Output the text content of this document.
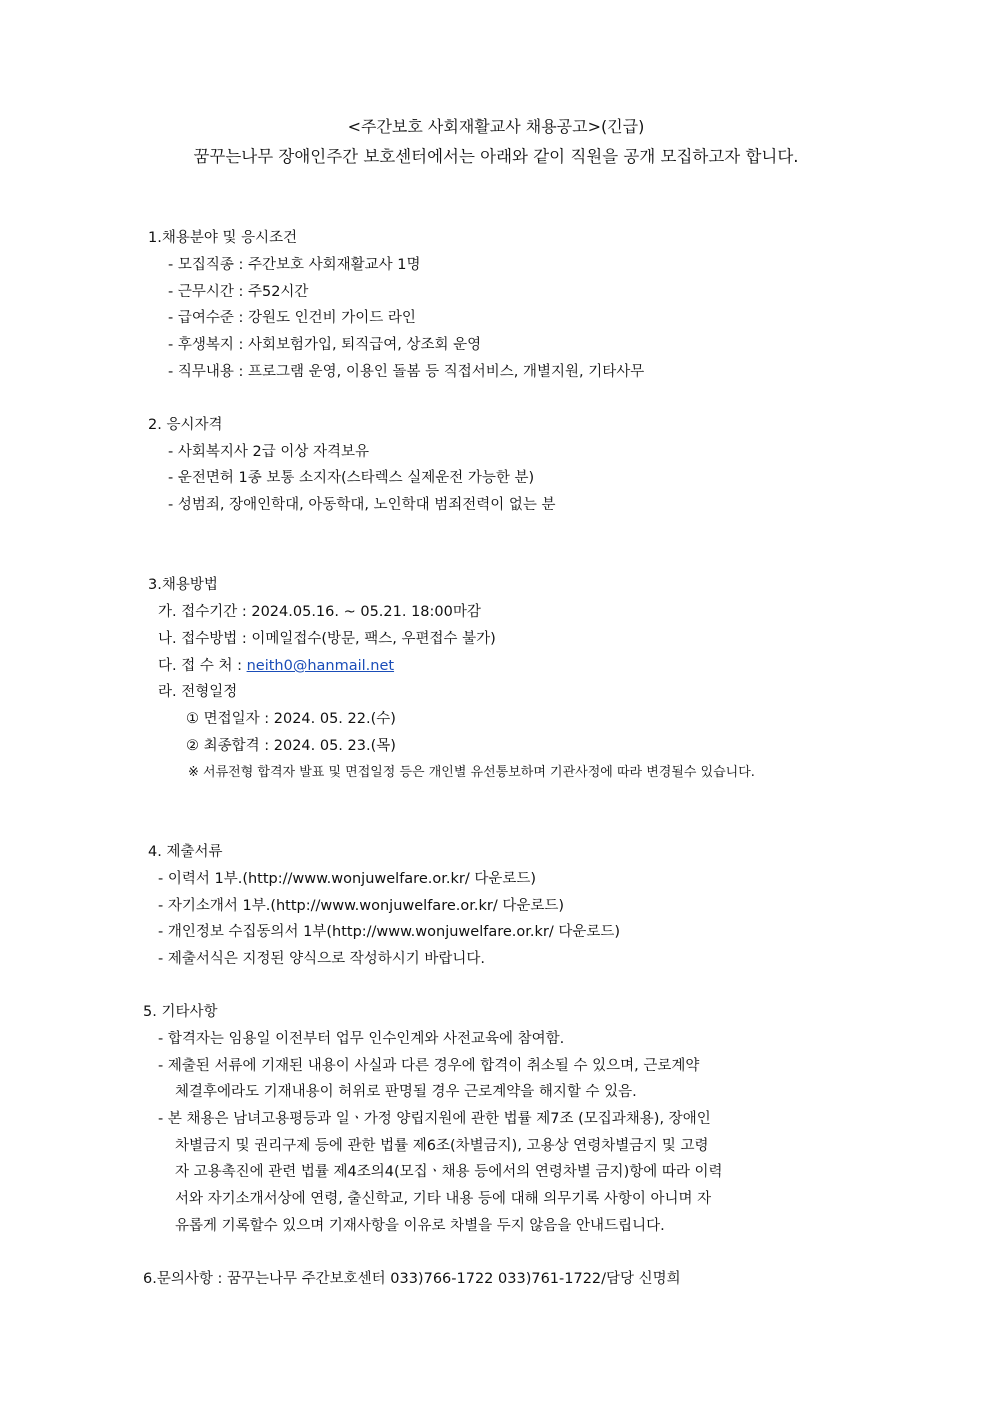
<주간보호 사회재활교사 채용공고>(긴급)
꿈꾸는나무 장애인주간 보호센터에서는 아래와 같이 직원을 공개 모집하고자 합니다.
1.채용분야 및 응시조건
- 모집직종 : 주간보호 사회재활교사 1명
- 근무시간 : 주52시간
- 급여수준 : 강원도 인건비 가이드 라인
- 후생복지 : 사회보험가입, 퇴직급여, 상조회 운영
- 직무내용 : 프로그램 운영, 이용인 돌봄 등 직접서비스, 개별지원, 기타사무
2. 응시자격
- 사회복지사 2급 이상 자격보유
- 운전면허 1종 보통 소지자(스타렉스 실제운전 가능한 분)
- 성범죄, 장애인학대, 아동학대, 노인학대 범죄전력이 없는 분
3.채용방법
가. 접수기간 : 2024.05.16. ~ 05.21. 18:00마감
나. 접수방법 : 이메일접수(방문, 팩스, 우편접수 불가)
다. 접 수 처 : neith0@hanmail.net
라. 전형일정
① 면접일자 : 2024. 05. 22.(수)
② 최종합격 : 2024. 05. 23.(목)
※ 서류전형 합격자 발표 및 면접일정 등은 개인별 유선통보하며 기관사정에 따라 변경될수 있습니다.
4. 제출서류
- 이력서 1부.(http://www.wonjuwelfare.or.kr/ 다운로드)
- 자기소개서 1부.(http://www.wonjuwelfare.or.kr/ 다운로드)
- 개인정보 수집동의서 1부(http://www.wonjuwelfare.or.kr/ 다운로드)
- 제출서식은 지정된 양식으로 작성하시기 바랍니다.
5. 기타사항
- 합격자는 임용일 이전부터 업무 인수인계와 사전교육에 참여함.
- 제출된 서류에 기재된 내용이 사실과 다른 경우에 합격이 취소될 수 있으며, 근로계약
체결후에라도 기재내용이 허위로 판명될 경우 근로계약을 해지할 수 있음.
- 본 채용은 남녀고용평등과 일ㆍ가정 양립지원에 관한 법률 제7조 (모집과채용), 장애인
차별금지 및 권리구제 등에 관한 법률 제6조(차별금지), 고용상 연령차별금지 및 고령
자 고용촉진에 관련 법률 제4조의4(모집ㆍ채용 등에서의 연령차별 금지)항에 따라 이력
서와 자기소개서상에 연령, 출신학교, 기타 내용 등에 대해 의무기록 사항이 아니며 자
유롭게 기록할수 있으며 기재사항을 이유로 차별을 두지 않음을 안내드립니다.
6.문의사항 : 꿈꾸는나무 주간보호센터 033)766-1722 033)761-1722/담당 신명희
